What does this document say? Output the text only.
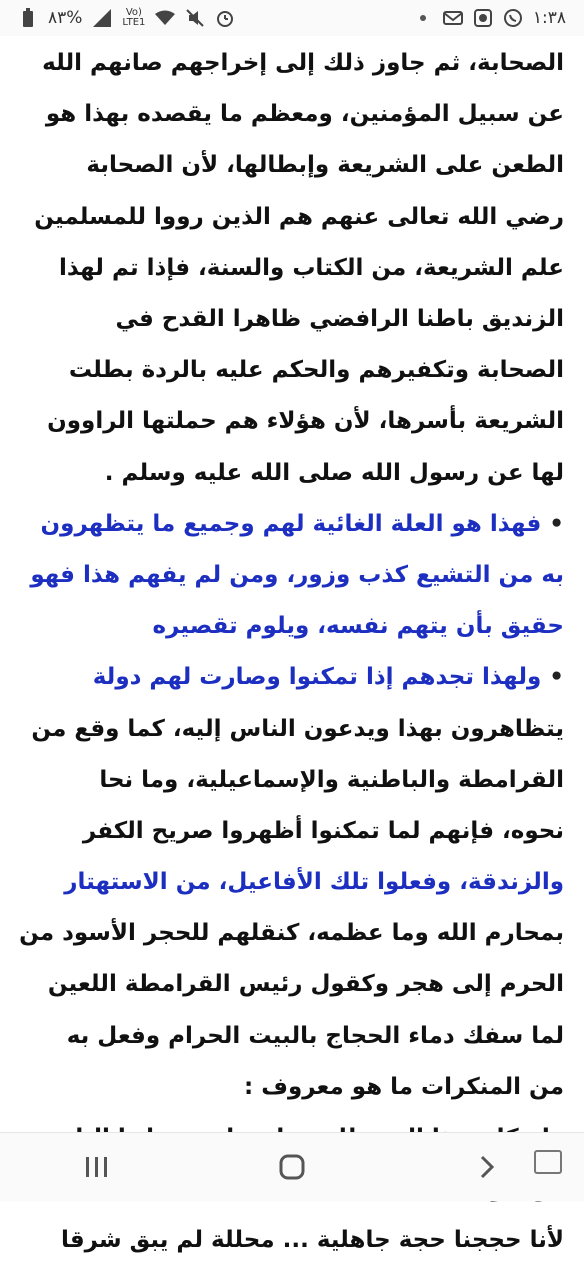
٨٣%	Vo)
LTE1	١:٣٨
الصحابة، ثم جاوز ذلك إلى إخراجهم صانهم الله
عن سبيل المؤمنين، ومعظم ما يقصده بهذا هو
الطعن على الشريعة وإبطالها، لأن الصحابة
رضي الله تعالى عنهم هم الذين رووا للمسلمين
علم الشريعة، من الكتاب والسنة، فإذا تم لهذا
الزنديق باطنا الرافضي ظاهرا القدح في
الصحابة وتكفيرهم والحكم عليه بالردة بطلت
الشريعة بأسرها، لأن هؤلاء هم حملتها الراوون
لها عن رسول الله صلى الله عليه وسلم .
•
فهذا هو العلة الغائية لهم وجميع ما يتظهرون
به من التشيع كذب وزور، ومن لم يفهم هذا فهو
حقيق بأن يتهم نفسه، ويلوم تقصيره
•
ولهذا تجدهم إذا تمكنوا وصارت لهم دولة
يتظاهرون بهذا ويدعون الناس إليه، كما وقع من
القرامطة والباطنية والإسماعيلية، وما نحا
نحوه، فإنهم لما تمكنوا أظهروا صريح الكفر
والزندقة، وفعلوا تلك الأفاعيل، من الاستهتار
بمحارم الله وما عظمه، كنقلهم للحجر الأسود من
الحرم إلى هجر وكقول رئيس القرامطة اللعين
لما سفك دماء الحجاج بالبيت الحرام وفعل به
من المنكرات ما هو معروف :
لأنا حججنا حجة جاهلية ... محللة لم يبق شرقا
